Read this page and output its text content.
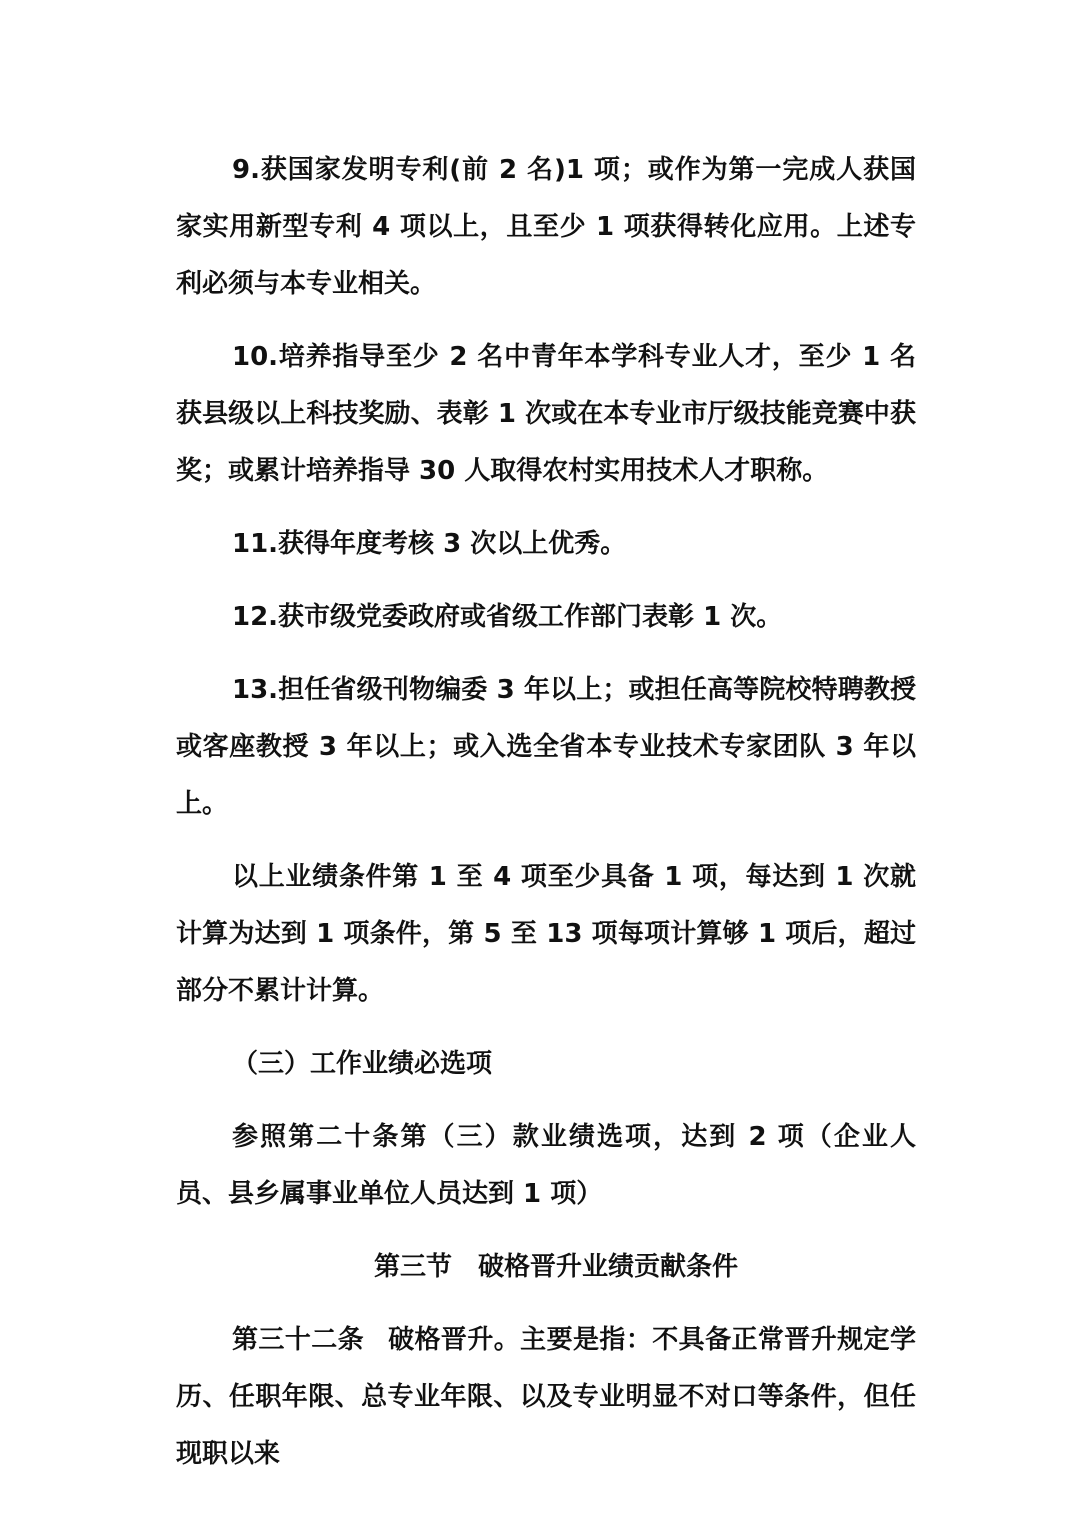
9.获国家发明专利(前 2 名)1 项；或作为第一完成人获国家实用新型专利 4 项以上，且至少 1 项获得转化应用。上述专利必须与本专业相关。

10.培养指导至少 2 名中青年本学科专业人才，至少 1 名获县级以上科技奖励、表彰 1 次或在本专业市厅级技能竞赛中获奖；或累计培养指导 30 人取得农村实用技术人才职称。

11.获得年度考核 3 次以上优秀。

12.获市级党委政府或省级工作部门表彰 1 次。

13.担任省级刊物编委 3 年以上；或担任高等院校特聘教授或客座教授 3 年以上；或入选全省本专业技术专家团队 3 年以上。

以上业绩条件第 1 至 4 项至少具备 1 项，每达到 1 次就计算为达到 1 项条件，第 5 至 13 项每项计算够 1 项后，超过部分不累计计算。

（三）工作业绩必选项

参照第二十条第（三）款业绩选项，达到 2 项（企业人员、县乡属事业单位人员达到 1 项）

第三节　破格晋升业绩贡献条件

第三十二条 破格晋升。主要是指：不具备正常晋升规定学历、任职年限、总专业年限、以及专业明显不对口等条件，但任现职以来
